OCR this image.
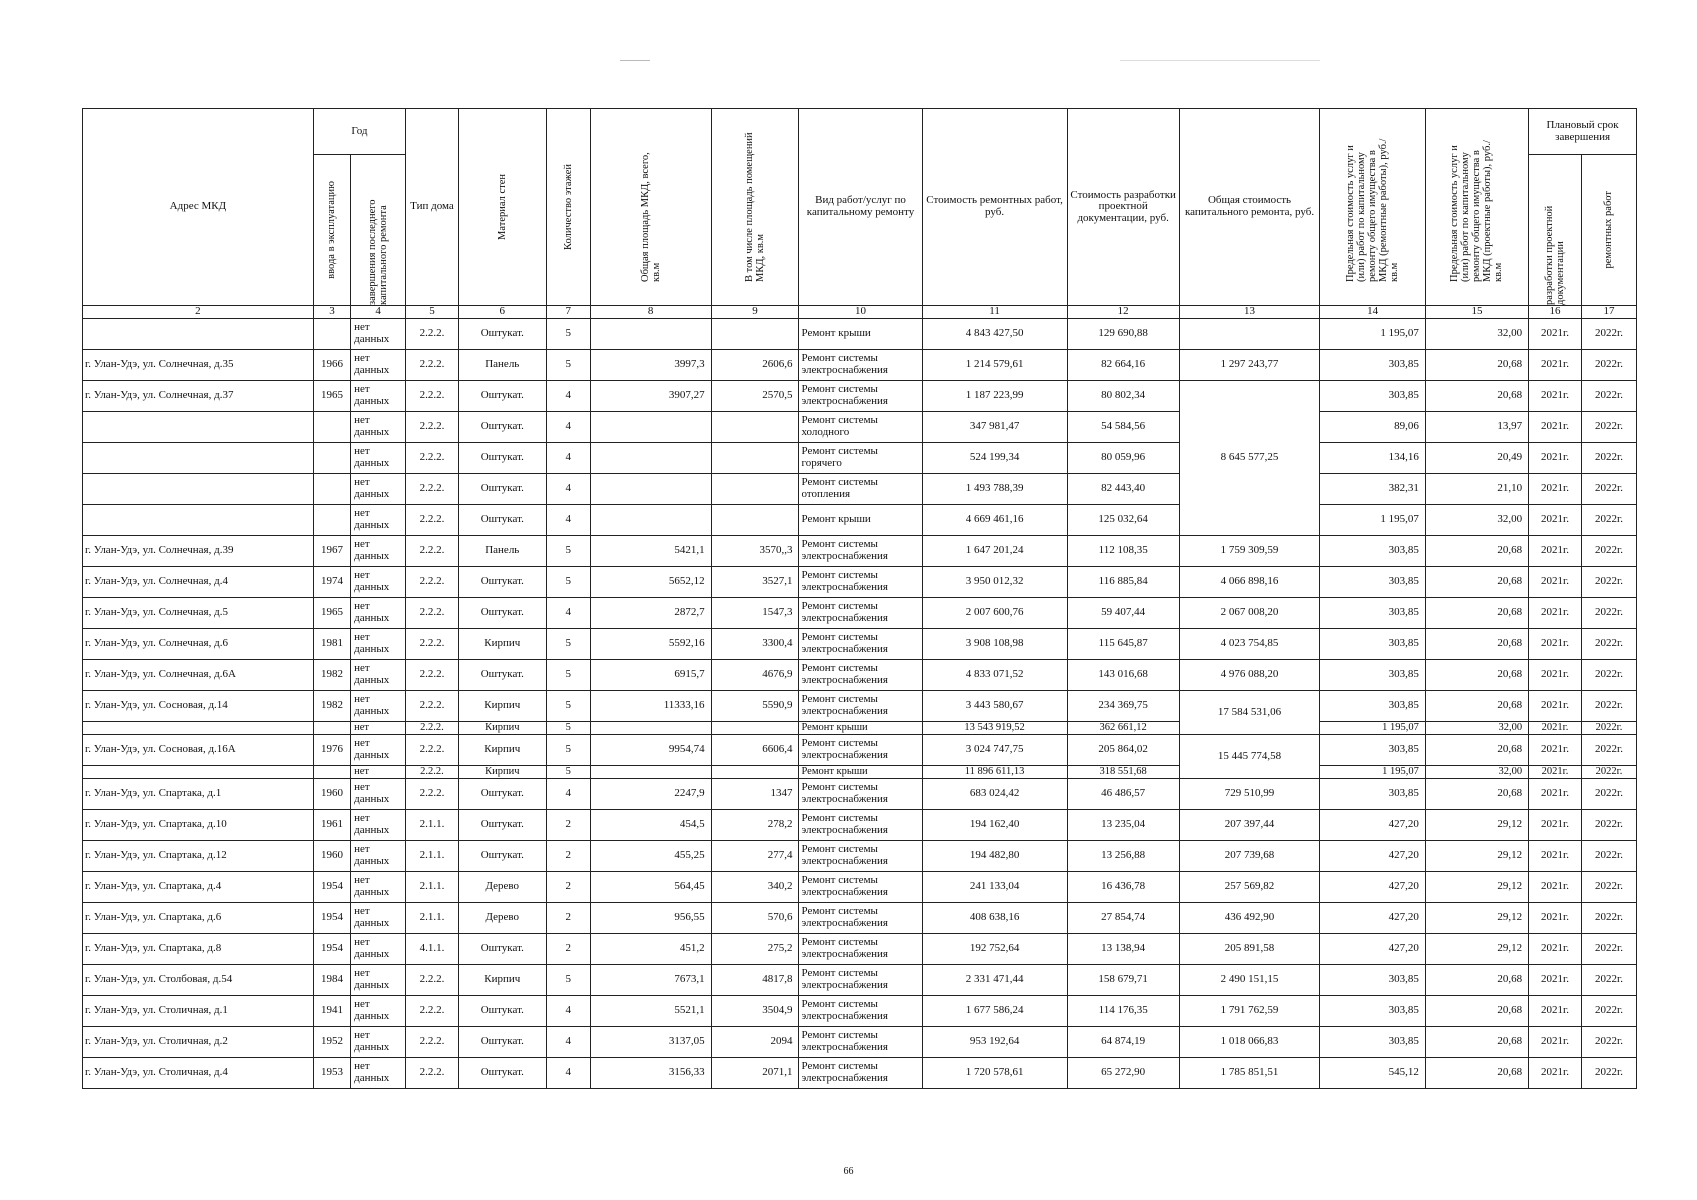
Адрес МКД	Год		Тип дома	Материал стен	Количество этажей	Общая площадь МКД, всего, кв.м	В том числе площадь помещений МКД, кв.м	Вид работ/услуг по капитальному ремонту	Стоимость ремонтных работ, руб.	Стоимость разработки проектной документации, руб.	Общая стоимость капитального ремонта, руб.	Предельная стоимость услуг и (или) работ по капитальному ремонту общего имущества в МКД (ремонтные работы), руб./кв.м	Предельная стоимость услуг и (или) работ по капитальному ремонту общего имущества в МКД (проектные работы), руб./кв.м	Плановый срок завершения	

	ввода в эксплуатацию	завершения последнего капитального ремонта												разработки проектной документации	ремонтных работ

2	3	4	5	6	7	8	9	10	11	12	13	14	15	16	17
		нет данных	2.2.2.	Оштукат.	5			Ремонт крыши	4 843 427,50	129 690,88		1 195,07	32,00	2021г.	2022г.
г. Улан-Удэ, ул. Солнечная, д.35	1966	нет данных	2.2.2.	Панель	5	3997,3	2606,6	Ремонт системы электроснабжения	1 214 579,61	82 664,16	1 297 243,77	303,85	20,68	2021г.	2022г.
г. Улан-Удэ, ул. Солнечная, д.37	1965	нет данных	2.2.2.	Оштукат.	4	3907,27	2570,5	Ремонт системы электроснабжения	1 187 223,99	80 802,34	8 645 577,25	303,85	20,68	2021г.	2022г.
		нет данных	2.2.2.	Оштукат.	4			Ремонт системы холодного	347 981,47	54 584,56		89,06	13,97	2021г.	2022г.
		нет данных	2.2.2.	Оштукат.	4			Ремонт системы горячего	524 199,34	80 059,96		134,16	20,49	2021г.	2022г.
		нет данных	2.2.2.	Оштукат.	4			Ремонт системы отопления	1 493 788,39	82 443,40		382,31	21,10	2021г.	2022г.
		нет данных	2.2.2.	Оштукат.	4			Ремонт крыши	4 669 461,16	125 032,64		1 195,07	32,00	2021г.	2022г.
г. Улан-Удэ, ул. Солнечная, д.39	1967	нет данных	2.2.2.	Панель	5	5421,1	3570,,3	Ремонт системы электроснабжения	1 647 201,24	112 108,35	1 759 309,59	303,85	20,68	2021г.	2022г.
г. Улан-Удэ, ул. Солнечная, д.4	1974	нет данных	2.2.2.	Оштукат.	5	5652,12	3527,1	Ремонт системы электроснабжения	3 950 012,32	116 885,84	4 066 898,16	303,85	20,68	2021г.	2022г.
г. Улан-Удэ, ул. Солнечная, д.5	1965	нет данных	2.2.2.	Оштукат.	4	2872,7	1547,3	Ремонт системы электроснабжения	2 007 600,76	59 407,44	2 067 008,20	303,85	20,68	2021г.	2022г.
г. Улан-Удэ, ул. Солнечная, д.6	1981	нет данных	2.2.2.	Кирпич	5	5592,16	3300,4	Ремонт системы электроснабжения	3 908 108,98	115 645,87	4 023 754,85	303,85	20,68	2021г.	2022г.
г. Улан-Удэ, ул. Солнечная, д.6А	1982	нет данных	2.2.2.	Оштукат.	5	6915,7	4676,9	Ремонт системы электроснабжения	4 833 071,52	143 016,68	4 976 088,20	303,85	20,68	2021г.	2022г.
г. Улан-Удэ, ул. Сосновая, д.14	1982	нет данных	2.2.2.	Кирпич	5	11333,16	5590,9	Ремонт системы электроснабжения	3 443 580,67	234 369,75	17 584 531,06	303,85	20,68	2021г.	2022г.
		нет	2.2.2.	Кирпич	5			Ремонт крыши	13 543 919,52	362 661,12		1 195,07	32,00	2021г.	2022г.
г. Улан-Удэ, ул. Сосновая, д.16А	1976	нет данных	2.2.2.	Кирпич	5	9954,74	6606,4	Ремонт системы электроснабжения	3 024 747,75	205 864,02	15 445 774,58	303,85	20,68	2021г.	2022г.
		нет	2.2.2.	Кирпич	5			Ремонт крыши	11 896 611,13	318 551,68		1 195,07	32,00	2021г.	2022г.
г. Улан-Удэ, ул. Спартака, д.1	1960	нет данных	2.2.2.	Оштукат.	4	2247,9	1347	Ремонт системы электроснабжения	683 024,42	46 486,57	729 510,99	303,85	20,68	2021г.	2022г.
г. Улан-Удэ, ул. Спартака, д.10	1961	нет данных	2.1.1.	Оштукат.	2	454,5	278,2	Ремонт системы электроснабжения	194 162,40	13 235,04	207 397,44	427,20	29,12	2021г.	2022г.
г. Улан-Удэ, ул. Спартака, д.12	1960	нет данных	2.1.1.	Оштукат.	2	455,25	277,4	Ремонт системы электроснабжения	194 482,80	13 256,88	207 739,68	427,20	29,12	2021г.	2022г.
г. Улан-Удэ, ул. Спартака, д.4	1954	нет данных	2.1.1.	Дерево	2	564,45	340,2	Ремонт системы электроснабжения	241 133,04	16 436,78	257 569,82	427,20	29,12	2021г.	2022г.
г. Улан-Удэ, ул. Спартака, д.6	1954	нет данных	2.1.1.	Дерево	2	956,55	570,6	Ремонт системы электроснабжения	408 638,16	27 854,74	436 492,90	427,20	29,12	2021г.	2022г.
г. Улан-Удэ, ул. Спартака, д.8	1954	нет данных	4.1.1.	Оштукат.	2	451,2	275,2	Ремонт системы электроснабжения	192 752,64	13 138,94	205 891,58	427,20	29,12	2021г.	2022г.
г. Улан-Удэ, ул. Столбовая, д.54	1984	нет данных	2.2.2.	Кирпич	5	7673,1	4817,8	Ремонт системы электроснабжения	2 331 471,44	158 679,71	2 490 151,15	303,85	20,68	2021г.	2022г.
г. Улан-Удэ, ул. Столичная, д.1	1941	нет данных	2.2.2.	Оштукат.	4	5521,1	3504,9	Ремонт системы электроснабжения	1 677 586,24	114 176,35	1 791 762,59	303,85	20,68	2021г.	2022г.
г. Улан-Удэ, ул. Столичная, д.2	1952	нет данных	2.2.2.	Оштукат.	4	3137,05	2094	Ремонт системы электроснабжения	953 192,64	64 874,19	1 018 066,83	303,85	20,68	2021г.	2022г.
г. Улан-Удэ, ул. Столичная, д.4	1953	нет данных	2.2.2.	Оштукат.	4	3156,33	2071,1	Ремонт системы электроснабжения	1 720 578,61	65 272,90	1 785 851,51	545,12	20,68	2021г.	2022г.
66
